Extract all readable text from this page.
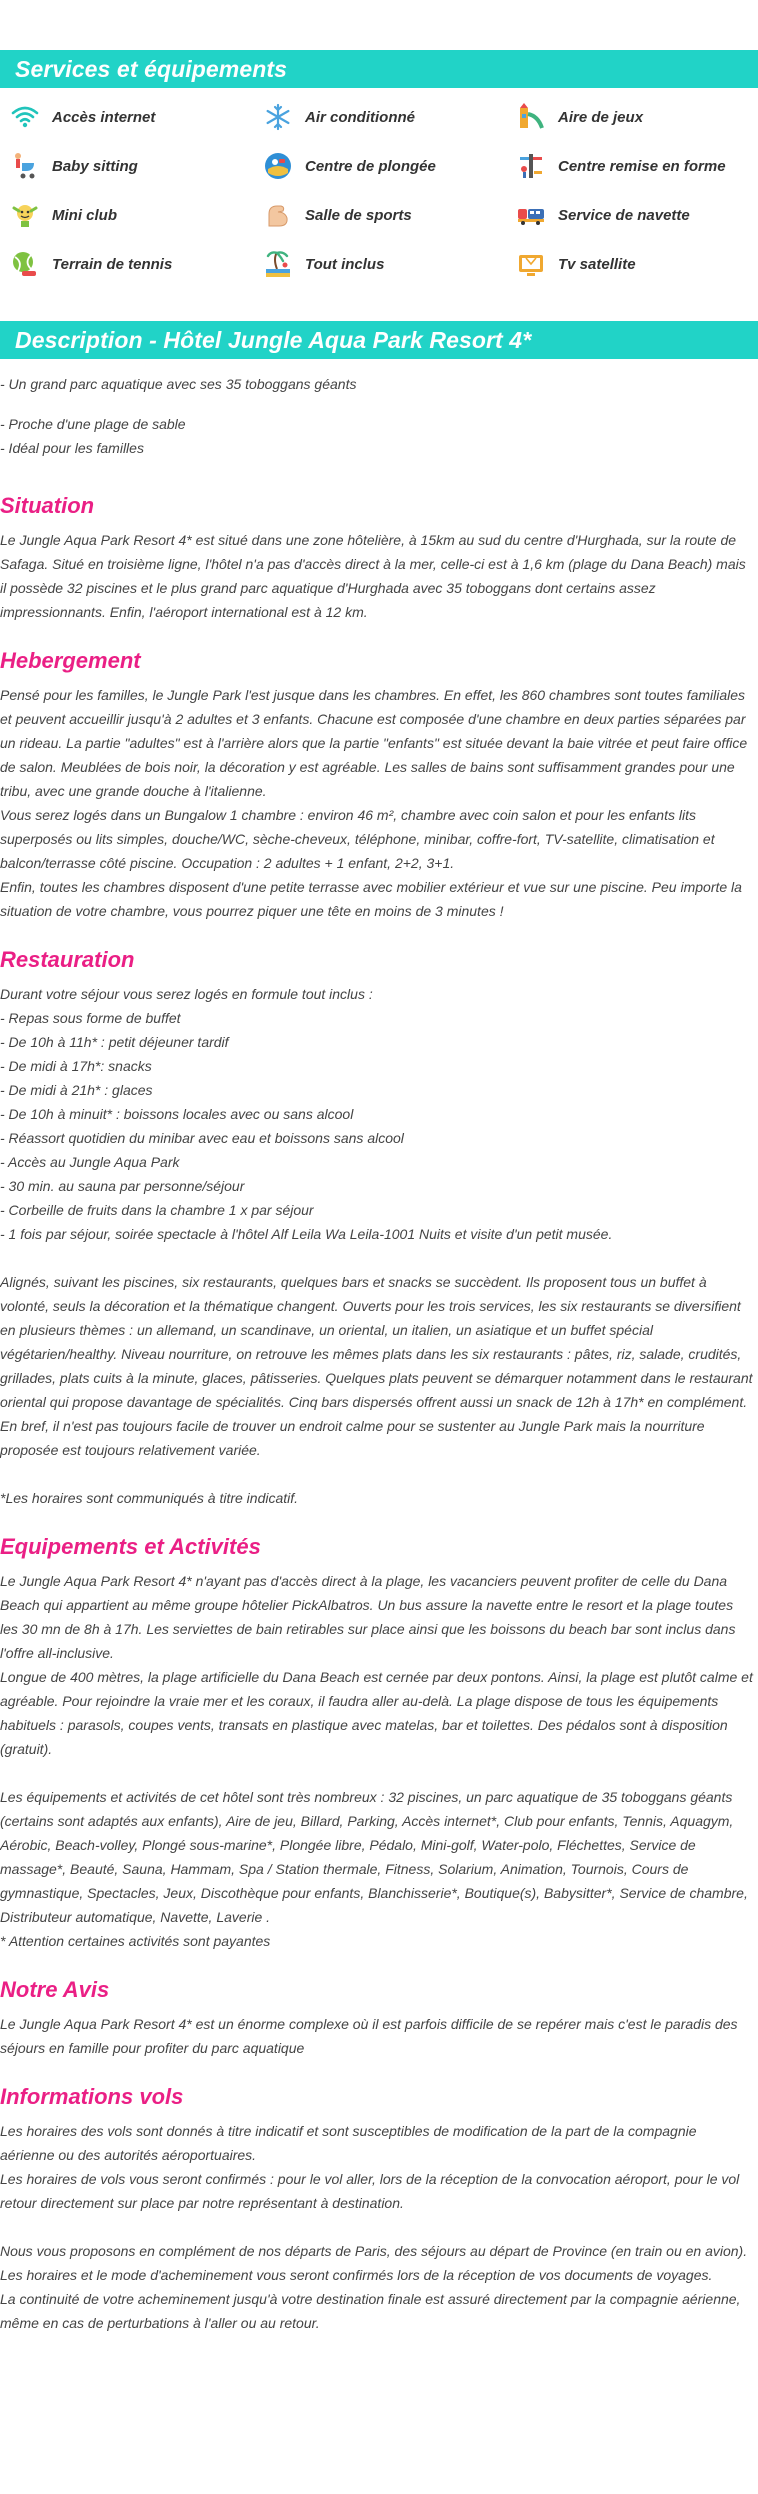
Services et équipements
Accès internet	Air conditionné	Aire de jeux
Baby sitting	Centre de plongée	Centre remise en forme
Mini club	Salle de sports	Service de navette
Terrain de tennis	Tout inclus	Tv satellite
Description - Hôtel Jungle Aqua Park Resort 4*

- Un grand parc aquatique avec ses 35 toboggans géants

- Proche d'une plage de sable

- Idéal pour les familles

Situation

Le Jungle Aqua Park Resort 4* est situé dans une zone hôtelière, à 15km au sud du centre d'Hurghada, sur la route de Safaga. Situé en troisième ligne, l'hôtel n'a pas d'accès direct à la mer, celle-ci est à 1,6 km (plage du Dana Beach) mais il possède 32 piscines et le plus grand parc aquatique d'Hurghada avec 35 toboggans dont certains assez impressionnants. Enfin, l'aéroport international est à 12 km.

Hebergement

Pensé pour les familles, le Jungle Park l'est jusque dans les chambres. En effet, les 860 chambres sont toutes familiales et peuvent accueillir jusqu'à 2 adultes et 3 enfants. Chacune est composée d'une chambre en deux parties séparées par un rideau. La partie "adultes" est à l'arrière alors que la partie "enfants" est située devant la baie vitrée et peut faire office de salon. Meublées de bois noir, la décoration y est agréable. Les salles de bains sont suffisamment grandes pour une tribu, avec une grande douche à l'italienne.

Vous serez logés dans un Bungalow 1 chambre : environ 46 m², chambre avec coin salon et pour les enfants lits superposés ou lits simples, douche/WC, sèche-cheveux, téléphone, minibar, coffre-fort, TV-satellite, climatisation et balcon/terrasse côté piscine. Occupation : 2 adultes + 1 enfant, 2+2, 3+1.

Enfin, toutes les chambres disposent d'une petite terrasse avec mobilier extérieur et vue sur une piscine. Peu importe la situation de votre chambre, vous pourrez piquer une tête en moins de 3 minutes !

Restauration

Durant votre séjour vous serez logés en formule tout inclus :

- Repas sous forme de buffet

- De 10h à 11h* : petit déjeuner tardif

- De midi à 17h*: snacks

- De midi à 21h* : glaces

- De 10h à minuit* : boissons locales avec ou sans alcool

- Réassort quotidien du minibar avec eau et boissons sans alcool

- Accès au Jungle Aqua Park

- 30 min. au sauna par personne/séjour

- Corbeille de fruits dans la chambre 1 x par séjour

- 1 fois par séjour, soirée spectacle à l'hôtel Alf Leila Wa Leila-1001 Nuits et visite d'un petit musée.

Alignés, suivant les piscines, six restaurants, quelques bars et snacks se succèdent. Ils proposent tous un buffet à volonté, seuls la décoration et la thématique changent. Ouverts pour les trois services, les six restaurants se diversifient en plusieurs thèmes : un allemand, un scandinave, un oriental, un italien, un asiatique et un buffet spécial végétarien/healthy. Niveau nourriture, on retrouve les mêmes plats dans les six restaurants : pâtes, riz, salade, crudités, grillades, plats cuits à la minute, glaces, pâtisseries. Quelques plats peuvent se démarquer notamment dans le restaurant oriental qui propose davantage de spécialités. Cinq bars dispersés offrent aussi un snack de 12h à 17h* en complément. En bref, il n'est pas toujours facile de trouver un endroit calme pour se sustenter au Jungle Park mais la nourriture proposée est toujours relativement variée.

*Les horaires sont communiqués à titre indicatif.

Equipements et Activités

Le Jungle Aqua Park Resort 4* n'ayant pas d'accès direct à la plage, les vacanciers peuvent profiter de celle du Dana Beach qui appartient au même groupe hôtelier PickAlbatros. Un bus assure la navette entre le resort et la plage toutes les 30 mn de 8h à 17h. Les serviettes de bain retirables sur place ainsi que les boissons du beach bar sont inclus dans l'offre all-inclusive.

Longue de 400 mètres, la plage artificielle du Dana Beach est cernée par deux pontons. Ainsi, la plage est plutôt calme et agréable. Pour rejoindre la vraie mer et les coraux, il faudra aller au-delà. La plage dispose de tous les équipements habituels : parasols, coupes vents, transats en plastique avec matelas, bar et toilettes. Des pédalos sont à disposition (gratuit).

Les équipements et activités de cet hôtel sont très nombreux : 32 piscines, un parc aquatique de 35 toboggans géants (certains sont adaptés aux enfants), Aire de jeu, Billard, Parking, Accès internet*, Club pour enfants, Tennis, Aquagym, Aérobic, Beach-volley, Plongé sous-marine*, Plongée libre, Pédalo, Mini-golf, Water-polo, Fléchettes, Service de massage*, Beauté, Sauna, Hammam, Spa / Station thermale, Fitness, Solarium, Animation, Tournois, Cours de gymnastique, Spectacles, Jeux, Discothèque pour enfants, Blanchisserie*, Boutique(s), Babysitter*, Service de chambre, Distributeur automatique, Navette, Laverie .

* Attention certaines activités sont payantes

Notre Avis

Le Jungle Aqua Park Resort 4* est un énorme complexe où il est parfois difficile de se repérer mais c'est le paradis des séjours en famille pour profiter du parc aquatique

Informations vols

Les horaires des vols sont donnés à titre indicatif et sont susceptibles de modification de la part de la compagnie aérienne ou des autorités aéroportuaires.

Les horaires de vols vous seront confirmés : pour le vol aller, lors de la réception de la convocation aéroport, pour le vol retour directement sur place par notre représentant à destination.

Nous vous proposons en complément de nos départs de Paris, des séjours au départ de Province (en train ou en avion).

Les horaires et le mode d'acheminement vous seront confirmés lors de la réception de vos documents de voyages.

La continuité de votre acheminement jusqu'à votre destination finale est assuré directement par la compagnie aérienne, même en cas de perturbations à l'aller ou au retour.
